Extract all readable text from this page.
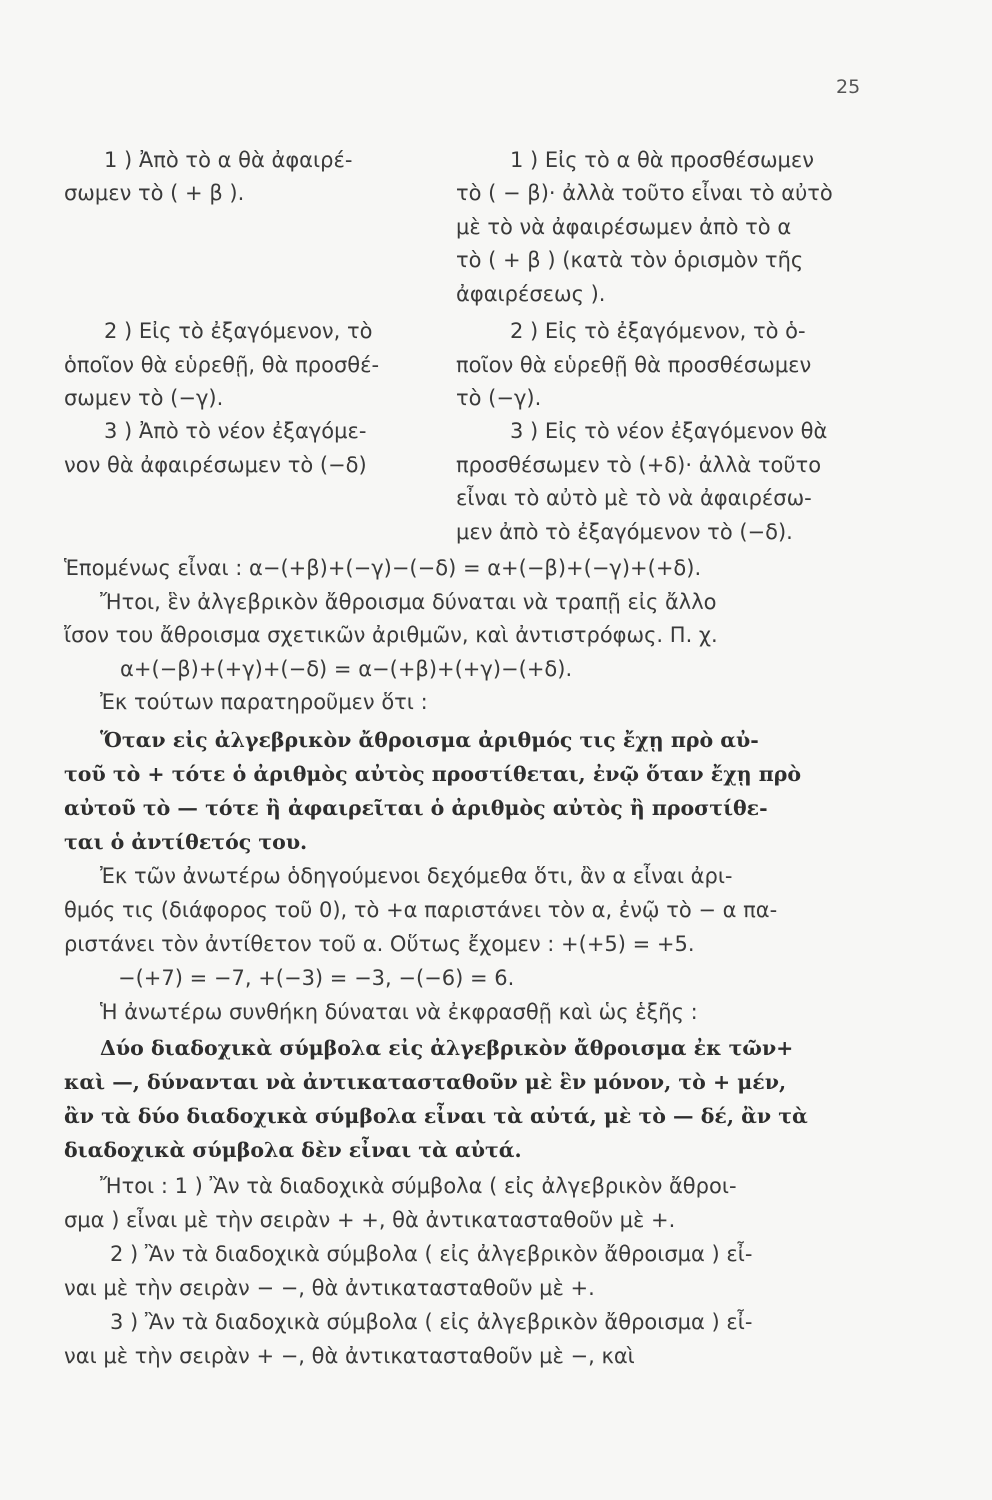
25
1 ) Ἀπὸ τὸ α θὰ ἀφαιρέ-
σωμεν τὸ ( + β ).
2 ) Εἰς τὸ ἐξαγόμενον, τὸ
ὁποῖον θὰ εὑρεθῇ, θὰ προσθέ-
σωμεν τὸ (−γ).
3 ) Ἀπὸ τὸ νέον ἐξαγόμε-
νον θὰ ἀφαιρέσωμεν τὸ (−δ)
1 ) Εἰς τὸ α θὰ προσθέσωμεν
τὸ ( − β)· ἀλλὰ τοῦτο εἶναι τὸ αὐτὸ
μὲ τὸ νὰ ἀφαιρέσωμεν ἀπὸ τὸ α
τὸ ( + β ) (κατὰ τὸν ὁρισμὸν τῆς
ἀφαιρέσεως ).
2 ) Εἰς τὸ ἐξαγόμενον, τὸ ὁ-
ποῖον θὰ εὑρεθῇ θὰ προσθέσωμεν
τὸ (−γ).
3 ) Εἰς τὸ νέον ἐξαγόμενον θὰ
προσθέσωμεν τὸ (+δ)· ἀλλὰ τοῦτο
εἶναι τὸ αὐτὸ μὲ τὸ νὰ ἀφαιρέσω-
μεν ἀπὸ τὸ ἐξαγόμενον τὸ (−δ).
Ἑπομένως εἶναι : α−(+β)+(−γ)−(−δ) = α+(−β)+(−γ)+(+δ).
Ἤτοι, ἓν ἀλγεβρικὸν ἄθροισμα δύναται νὰ τραπῇ εἰς ἄλλο
ἴσον του ἄθροισμα σχετικῶν ἀριθμῶν, καὶ ἀντιστρόφως. Π. χ.
α+(−β)+(+γ)+(−δ) = α−(+β)+(+γ)−(+δ).
Ἐκ τούτων παρατηροῦμεν ὅτι :
Ὅταν εἰς ἀλγεβρικὸν ἄθροισμα ἀριθμός τις ἔχῃ πρὸ αὐ-
τοῦ τὸ + τότε ὁ ἀριθμὸς αὐτὸς προστίθεται, ἐνῷ ὅταν ἔχῃ πρὸ
αὐτοῦ τὸ — τότε ἢ ἀφαιρεῖται ὁ ἀριθμὸς αὐτὸς ἢ προστίθε-
ται ὁ ἀντίθετός του.
Ἐκ τῶν ἀνωτέρω ὁδηγούμενοι δεχόμεθα ὅτι, ἂν α εἶναι ἀρι-
θμός τις (διάφορος τοῦ 0), τὸ +α παριστάνει τὸν α, ἐνῷ τὸ − α πα-
ριστάνει τὸν ἀντίθετον τοῦ α. Οὕτως ἔχομεν : +(+5) = +5.
−(+7) = −7, +(−3) = −3, −(−6) = 6.
Ἡ ἀνωτέρω συνθήκη δύναται νὰ ἐκφρασθῇ καὶ ὡς ἑξῆς :
Δύο διαδοχικὰ σύμβολα εἰς ἀλγεβρικὸν ἄθροισμα ἐκ τῶν+
καὶ —, δύνανται νὰ ἀντικατασταθοῦν μὲ ἓν μόνον, τὸ + μέν,
ἂν τὰ δύο διαδοχικὰ σύμβολα εἶναι τὰ αὐτά, μὲ τὸ — δέ, ἂν τὰ
διαδοχικὰ σύμβολα δὲν εἶναι τὰ αὐτά.
Ἤτοι : 1 ) Ἂν τὰ διαδοχικὰ σύμβολα ( εἰς ἀλγεβρικὸν ἄθροι-
σμα ) εἶναι μὲ τὴν σειρὰν + +, θὰ ἀντικατασταθοῦν μὲ +.
2 ) Ἂν τὰ διαδοχικὰ σύμβολα ( εἰς ἀλγεβρικὸν ἄθροισμα ) εἶ-
ναι μὲ τὴν σειρὰν − −, θὰ ἀντικατασταθοῦν μὲ +.
3 ) Ἂν τὰ διαδοχικὰ σύμβολα ( εἰς ἀλγεβρικὸν ἄθροισμα ) εἶ-
ναι μὲ τὴν σειρὰν + −, θὰ ἀντικατασταθοῦν μὲ −, καὶ
